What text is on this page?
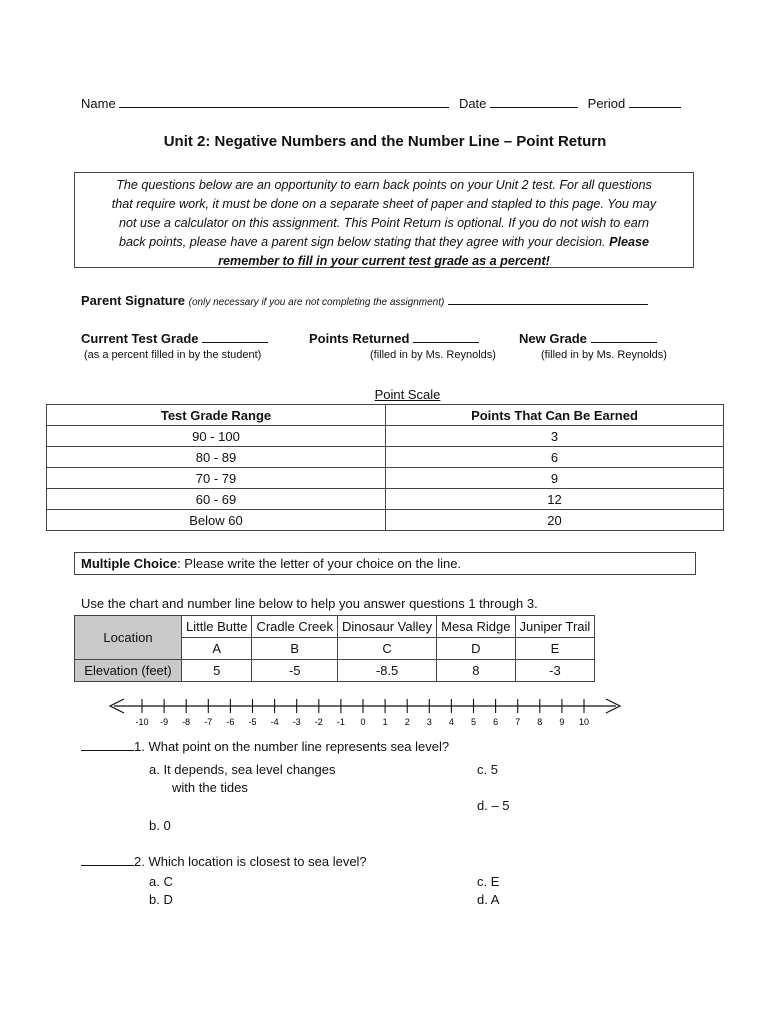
Name	Date	Period
Unit 2: Negative Numbers and the Number Line – Point Return
The questions below are an opportunity to earn back points on your Unit 2 test. For all questions
that require work, it must be done on a separate sheet of paper and stapled to this page. You may
not use a calculator on this assignment. This Point Return is optional. If you do not wish to earn
back points, please have a parent sign below stating that they agree with your decision. Please
remember to fill in your current test grade as a percent!
Parent Signature (only necessary if you are not completing the assignment)
Current Test Grade
(as a percent filled in by the student)
Points Returned
(filled in by Ms. Reynolds)
New Grade
(filled in by Ms. Reynolds)
Point Scale
Test Grade Range	Points That Can Be Earned
90 - 100	3
80 - 89	6
70 - 79	9
60 - 69	12
Below 60	20
Multiple Choice: Please write the letter of your choice on the line.
Use the chart and number line below to help you answer questions 1 through 3.
Location	Little Butte	Cradle Creek	Dinosaur Valley	Mesa Ridge	Juniper Trail
	A	B	C	D	E
Elevation (feet)	5	-5	-8.5	8	-3
-10 -9 -8 -7 -6 -5 -4 -3 -2 -1 0 1 2 3 4 5 6 7 8 9 10
1. What point on the number line represents sea level?
a. It depends, sea level changes
with the tides
c. 5
d. – 5
b. 0
2. Which location is closest to sea level?
a. C
b. D
c. E
d. A
